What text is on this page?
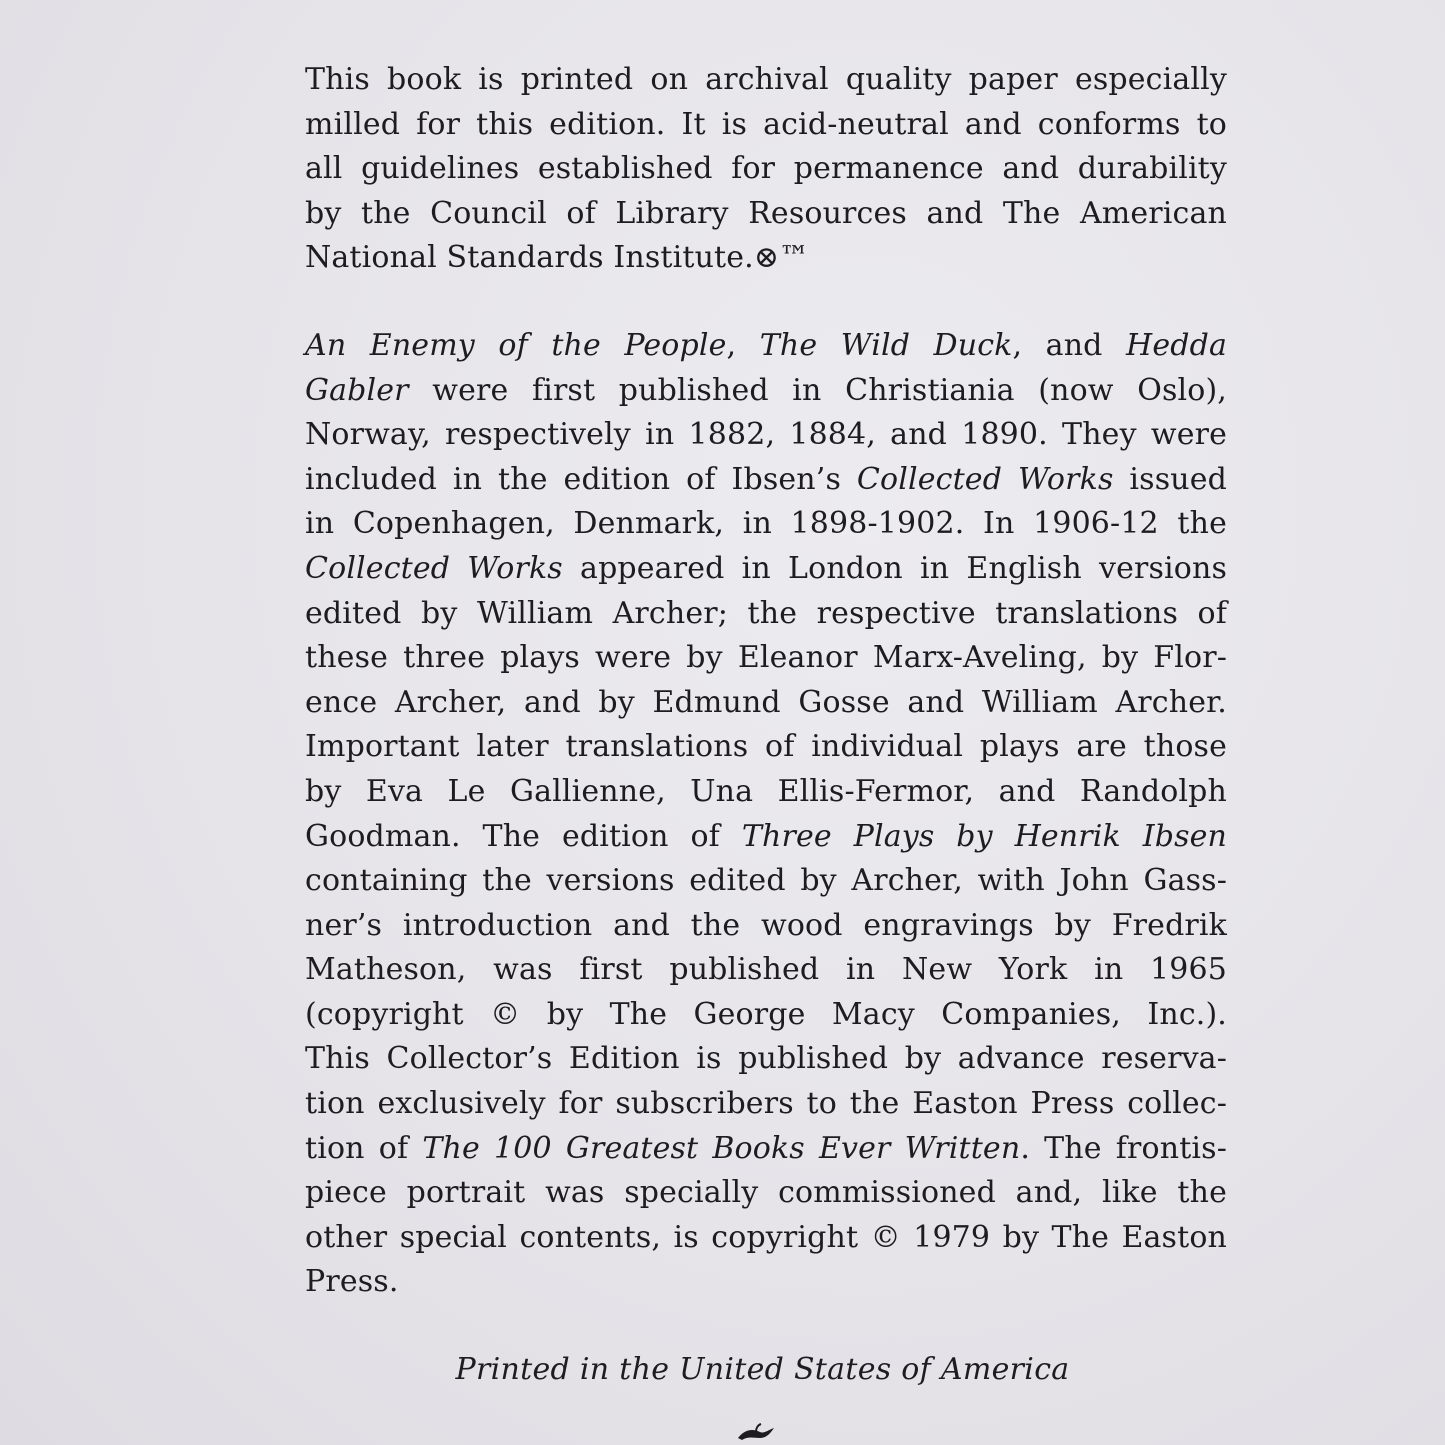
This book is printed on archival quality paper especially
milled for this edition. It is acid-neutral and conforms to
all guidelines established for permanence and durability
by the Council of Library Resources and The American
National Standards Institute.⊗™

An Enemy of the People, The Wild Duck, and Hedda
Gabler were first published in Christiania (now Oslo),
Norway, respectively in 1882, 1884, and 1890. They were
included in the edition of Ibsen’s Collected Works issued
in Copenhagen, Denmark, in 1898-1902. In 1906-12 the
Collected Works appeared in London in English versions
edited by William Archer; the respective translations of
these three plays were by Eleanor Marx-Aveling, by Flor-
ence Archer, and by Edmund Gosse and William Archer.
Important later translations of individual plays are those
by Eva Le Gallienne, Una Ellis-Fermor, and Randolph
Goodman. The edition of Three Plays by Henrik Ibsen
containing the versions edited by Archer, with John Gass-
ner’s introduction and the wood engravings by Fredrik
Matheson, was first published in New York in 1965
(copyright © by The George Macy Companies, Inc.).
This Collector’s Edition is published by advance reserva-
tion exclusively for subscribers to the Easton Press collec-
tion of The 100 Greatest Books Ever Written. The frontis-
piece portrait was specially commissioned and, like the
other special contents, is copyright © 1979 by The Easton
Press.

Printed in the United States of America
